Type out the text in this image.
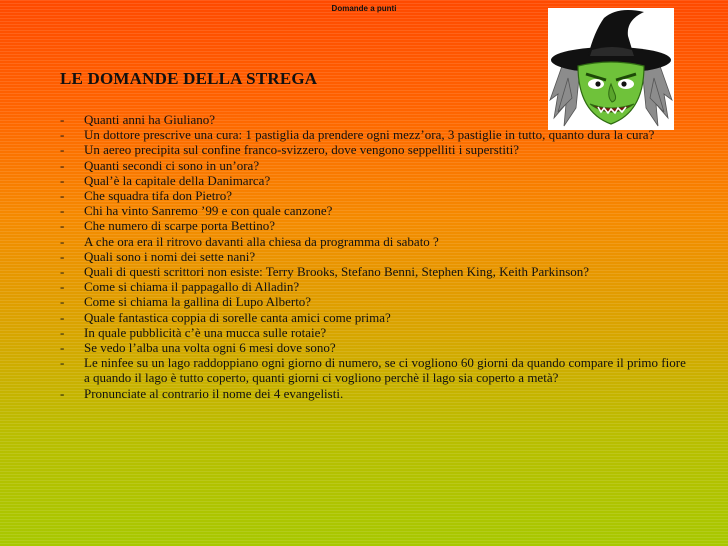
Domande a punti
LE DOMANDE DELLA STREGA
- Quanti anni ha Giuliano?
- Un dottore prescrive una cura: 1 pastiglia da prendere ogni mezz’ora, 3 pastiglie in tutto, quanto dura la cura?
- Un aereo precipita sul confine franco-svizzero, dove vengono seppelliti i superstiti?
- Quanti secondi ci sono in un’ora?
- Qual’è la capitale della Danimarca?
- Che squadra tifa don Pietro?
- Chi ha vinto Sanremo ’99 e con quale canzone?
- Che numero di scarpe porta Bettino?
- A che ora era il ritrovo davanti alla chiesa da programma di sabato ?
- Quali sono i nomi dei sette nani?
- Quali di questi scrittori non esiste: Terry Brooks, Stefano Benni, Stephen King, Keith Parkinson?
- Come si chiama il pappagallo di Alladin?
- Come si chiama la gallina di Lupo Alberto?
- Quale fantastica coppia di sorelle canta amici come prima?
- In quale pubblicità c’è una mucca sulle rotaie?
- Se vedo l’alba una volta ogni 6 mesi dove sono?
- Le ninfee su un lago raddoppiano ogni giorno di numero, se ci vogliono 60 giorni da quando compare il primo fiore a quando il lago è tutto coperto, quanti giorni ci vogliono perchè il lago sia coperto a metà?
- Pronunciate al contrario il nome dei 4 evangelisti.
